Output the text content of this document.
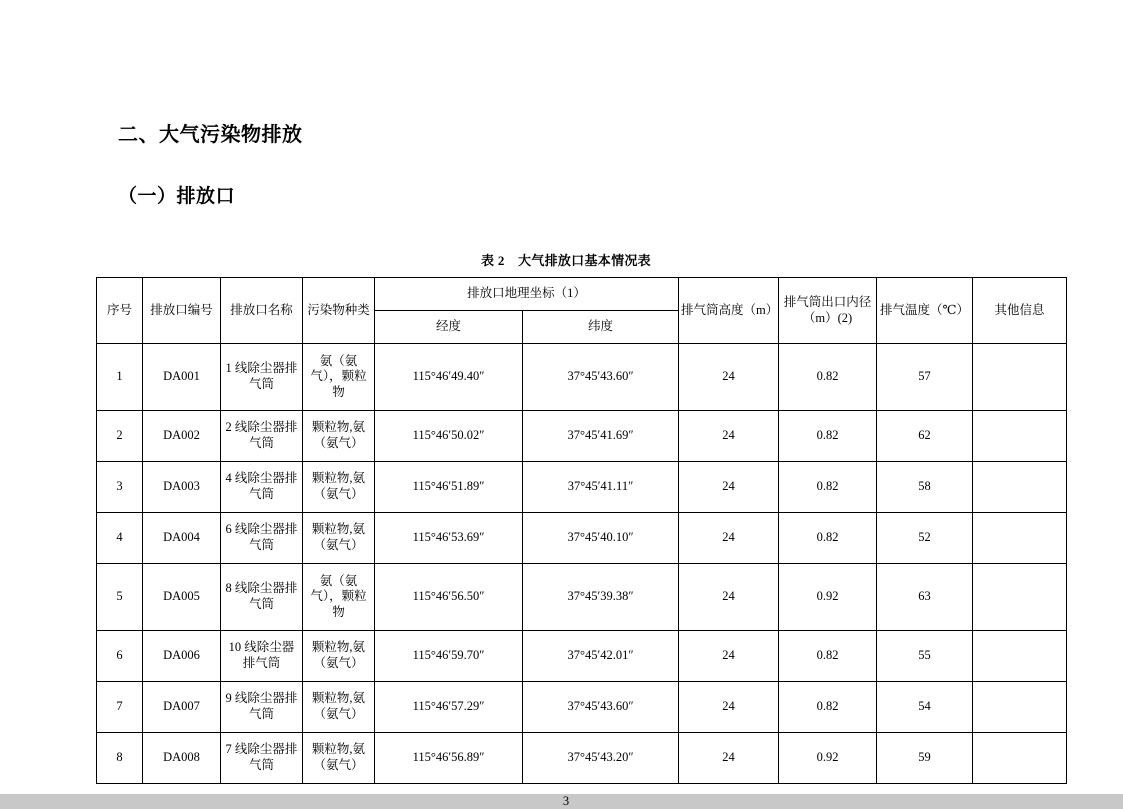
二、大气污染物排放
（一）排放口
表 2　大气排放口基本情况表
序号	排放口编号	排放口名称	污染物种类	排放口地理坐标（1）		排气筒高度（m）	排气筒出口内径（m）(2)	排气温度（℃）	其他信息
				经度	纬度				
1	DA001	1 线除尘器排气筒	氨（氨气），颗粒物	115°46′49.40″	37°45′43.60″	24	0.82	57	
2	DA002	2 线除尘器排气筒	颗粒物,氨（氨气）	115°46′50.02″	37°45′41.69″	24	0.82	62	
3	DA003	4 线除尘器排气筒	颗粒物,氨（氨气）	115°46′51.89″	37°45′41.11″	24	0.82	58	
4	DA004	6 线除尘器排气筒	颗粒物,氨（氨气）	115°46′53.69″	37°45′40.10″	24	0.82	52	
5	DA005	8 线除尘器排气筒	氨（氨气），颗粒物	115°46′56.50″	37°45′39.38″	24	0.92	63	
6	DA006	10 线除尘器排气筒	颗粒物,氨（氨气）	115°46′59.70″	37°45′42.01″	24	0.82	55	
7	DA007	9 线除尘器排气筒	颗粒物,氨（氨气）	115°46′57.29″	37°45′43.60″	24	0.82	54	
8	DA008	7 线除尘器排气筒	颗粒物,氨（氨气）	115°46′56.89″	37°45′43.20″	24	0.92	59	
3
